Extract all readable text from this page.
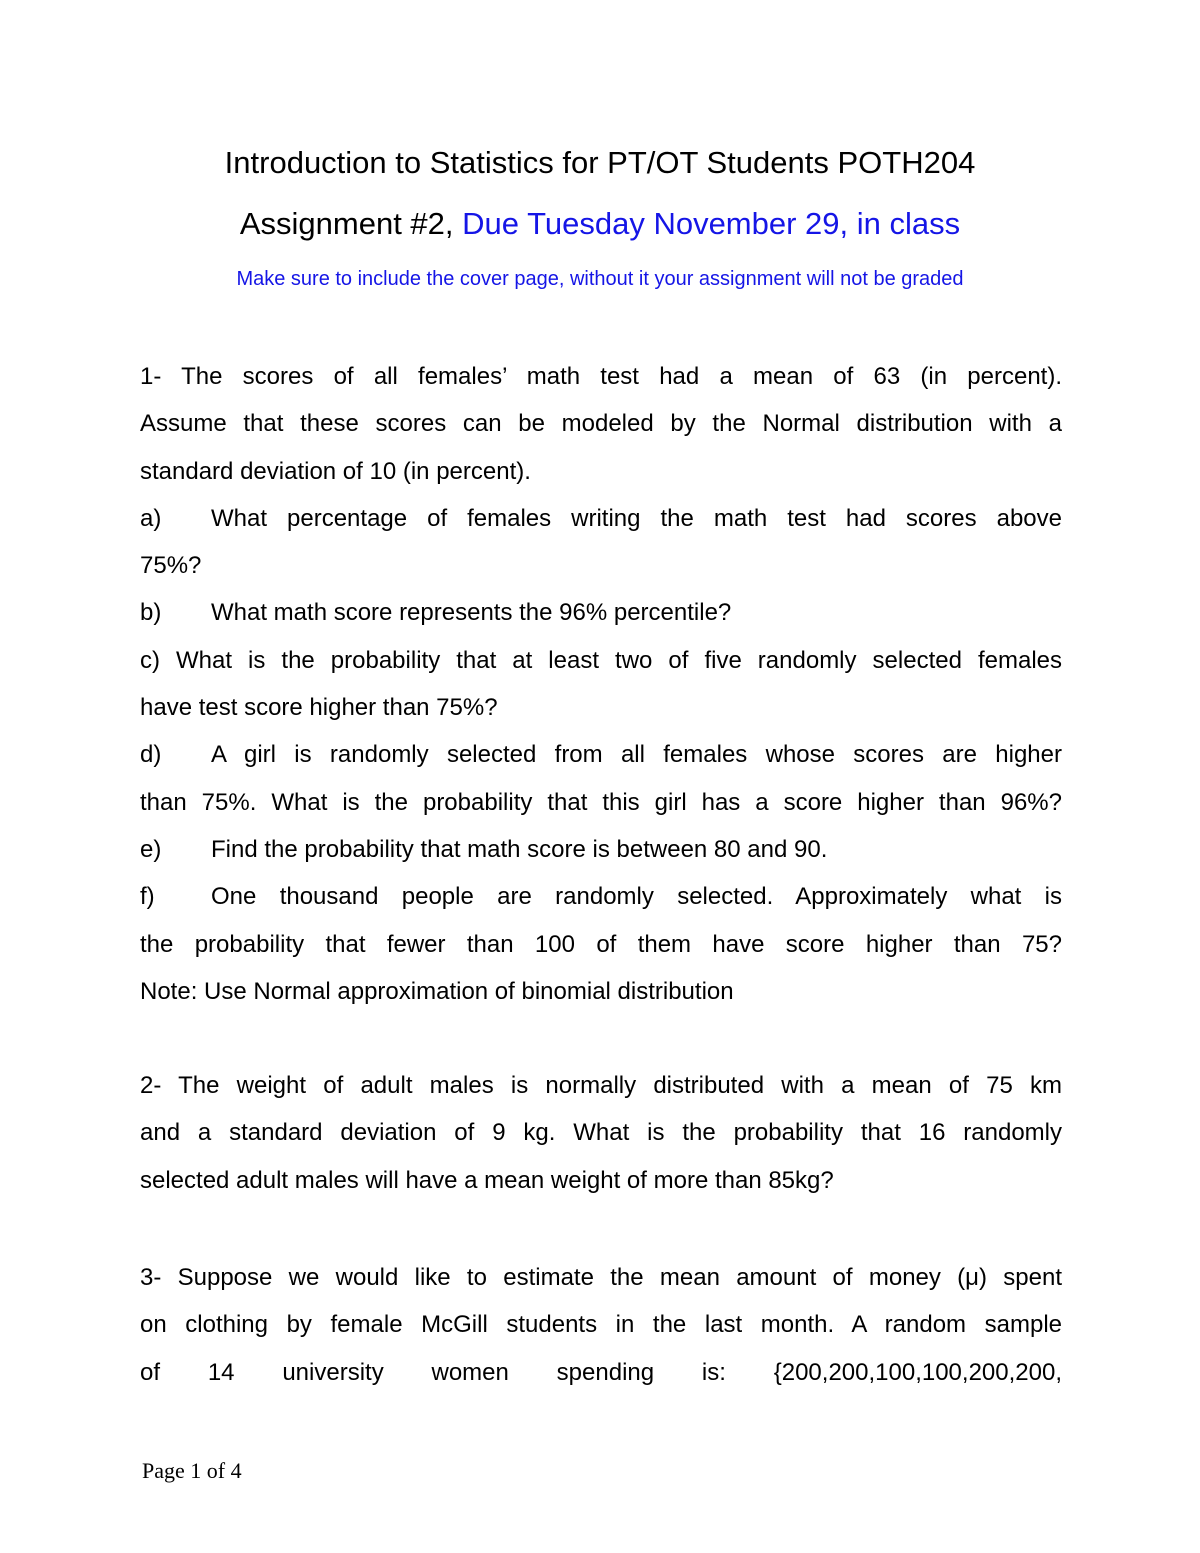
Introduction to Statistics for PT/OT Students POTH204
Assignment #2, Due Tuesday November 29, in class
Make sure to include the cover page, without it your assignment will not be graded
1- The scores of all females’ math test had a mean of 63 (in percent).
Assume that these scores can be modeled by the Normal distribution with a
standard deviation of 10 (in percent).
a)	What percentage of females writing the math test had scores above
75%?
b)	What math score represents the 96% percentile?
c) What is the probability that at least two of five randomly selected females
have test score higher than 75%?
d)	A girl is randomly selected from all females whose scores are higher
than 75%. What is the probability that this girl has a score higher than 96%?
e)	Find the probability that math score is between 80 and 90.
f)	One thousand people are randomly selected. Approximately what is
the probability that fewer than 100 of them have score higher than 75?
Note: Use Normal approximation of binomial distribution
2- The weight of adult males is normally distributed with a mean of 75 km
and a standard deviation of 9 kg. What is the probability that 16 randomly
selected adult males will have a mean weight of more than 85kg?
3- Suppose we would like to estimate the mean amount of money (μ) spent
on clothing by female McGill students in the last month. A random sample
of 14 university women spending is: {200,200,100,100,200,200,
Page 1 of 4
